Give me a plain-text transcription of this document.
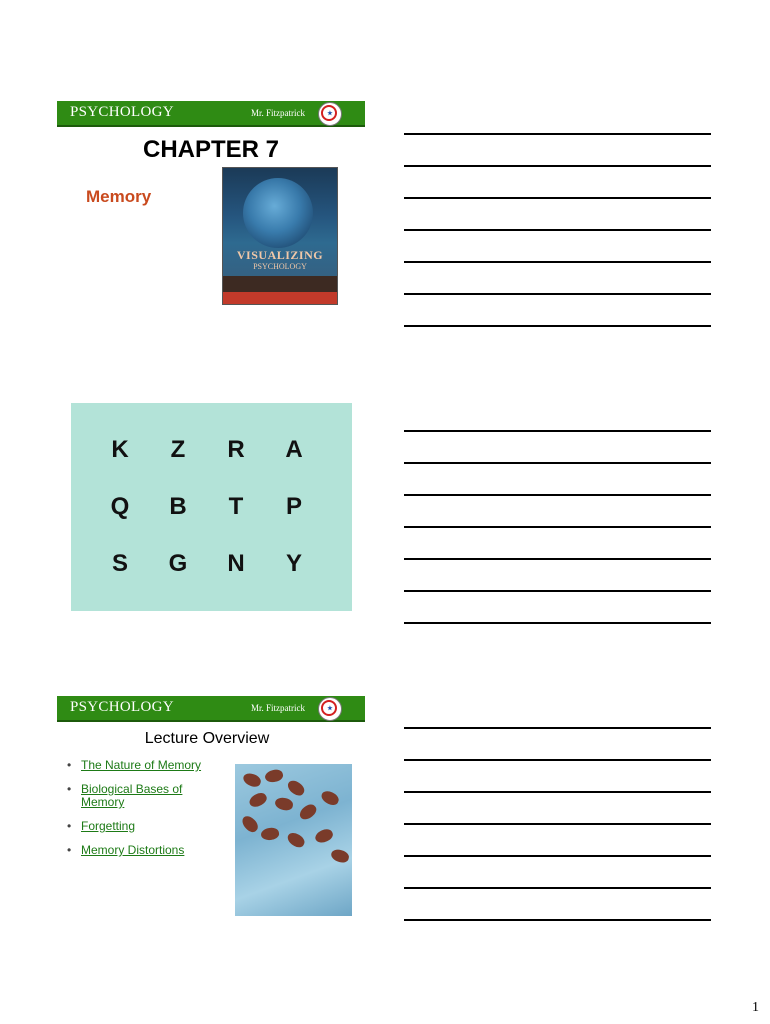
PSYCHOLOGY	Mr. Fitzpatrick	★
CHAPTER 7
Memory
VISUALIZING
PSYCHOLOGY
K	Z	R	A
Q	B	T	P
S	G	N	Y
PSYCHOLOGY	Mr. Fitzpatrick	★
Lecture Overview
• The Nature of Memory
• Biological Bases of Memory
• Forgetting
• Memory Distortions
1
